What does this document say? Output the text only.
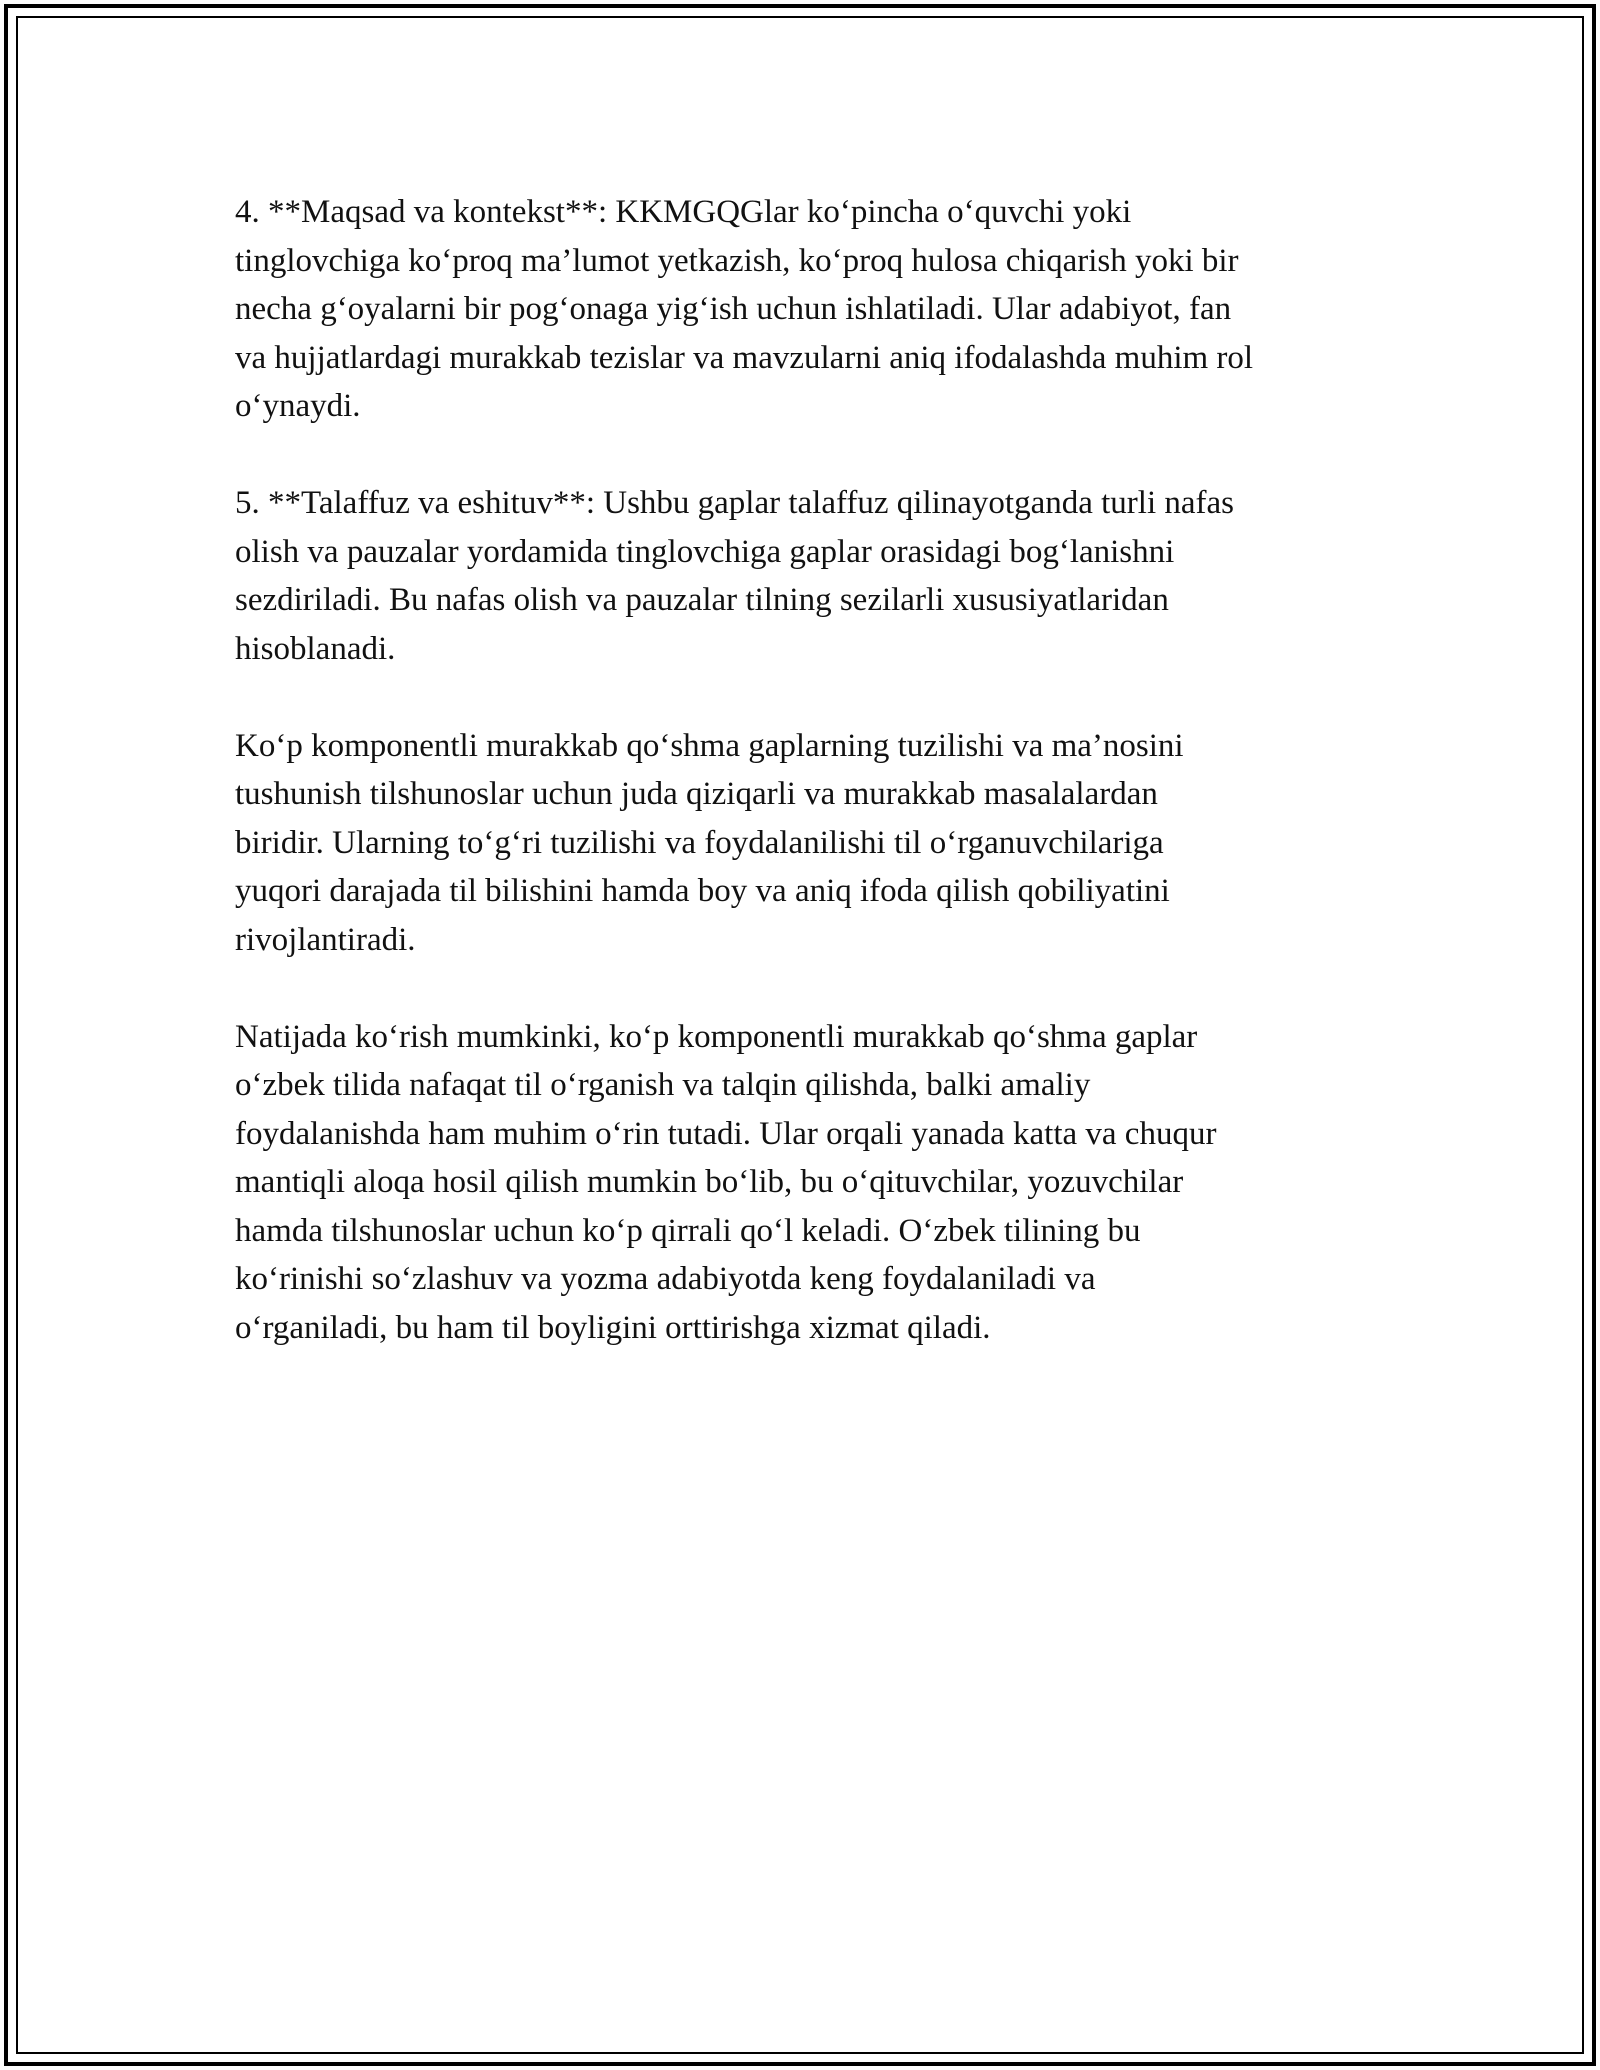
4. **Maqsad va kontekst**: KKMGQGlar ko‘pincha o‘quvchi yoki
tinglovchiga ko‘proq ma’lumot yetkazish, ko‘proq hulosa chiqarish yoki bir
necha g‘oyalarni bir pog‘onaga yig‘ish uchun ishlatiladi. Ular adabiyot, fan
va hujjatlardagi murakkab tezislar va mavzularni aniq ifodalashda muhim rol
o‘ynaydi.

5. **Talaffuz va eshituv**: Ushbu gaplar talaffuz qilinayotganda turli nafas
olish va pauzalar yordamida tinglovchiga gaplar orasidagi bog‘lanishni
sezdiriladi. Bu nafas olish va pauzalar tilning sezilarli xususiyatlaridan
hisoblanadi.

Ko‘p komponentli murakkab qo‘shma gaplarning tuzilishi va ma’nosini
tushunish tilshunoslar uchun juda qiziqarli va murakkab masalalardan
biridir. Ularning to‘g‘ri tuzilishi va foydalanilishi til o‘rganuvchilariga
yuqori darajada til bilishini hamda boy va aniq ifoda qilish qobiliyatini
rivojlantiradi.

Natijada ko‘rish mumkinki, ko‘p komponentli murakkab qo‘shma gaplar
o‘zbek tilida nafaqat til o‘rganish va talqin qilishda, balki amaliy
foydalanishda ham muhim o‘rin tutadi. Ular orqali yanada katta va chuqur
mantiqli aloqa hosil qilish mumkin bo‘lib, bu o‘qituvchilar, yozuvchilar
hamda tilshunoslar uchun ko‘p qirrali qo‘l keladi. O‘zbek tilining bu
ko‘rinishi so‘zlashuv va yozma adabiyotda keng foydalaniladi va
o‘rganiladi, bu ham til boyligini orttirishga xizmat qiladi.
